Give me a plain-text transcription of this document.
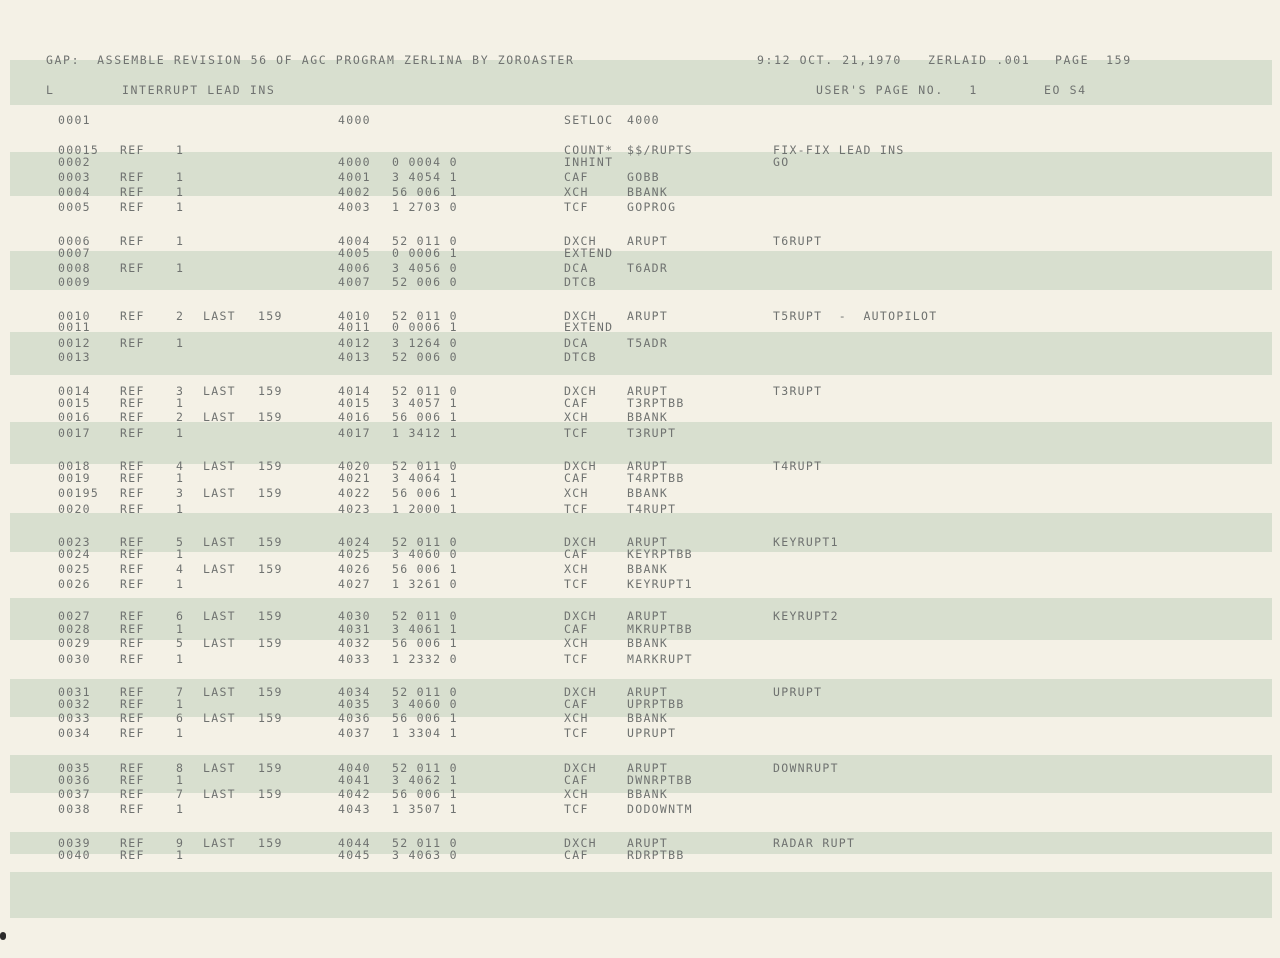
GAP:  ASSEMBLE REVISION 56 OF AGC PROGRAM ZERLINA BY ZOROASTER	9:12 OCT. 21,1970 ZERLAID .001 PAGE  159
L	INTERRUPT LEAD INS	USER'S PAGE NO.   1	EO S4
0001	4000	SETLOC 4000
00015 REF	1	COUNT* $$/RUPTS	FIX-FIX LEAD INS
0002	4000 0 0004 0	INHINT	GO
0003	REF	1	4001 3 4054 1	CAF	GOBB
0004	REF	1	4002 56 006 1	XCH	BBANK
0005	REF	1	4003 1 2703 0	TCF	GOPROG
0006	REF	1	4004 52 011 0	DXCH	ARUPT	T6RUPT
0007	4005 0 0006 1	EXTEND
0008	REF	1	4006 3 4056 0	DCA	T6ADR
0009	4007 52 006 0	DTCB
0010	REF	2 LAST 159	4010 52 011 0	DXCH	ARUPT	T5RUPT  -  AUTOPILOT
0011	4011 0 0006 1	EXTEND
0012	REF	1	4012 3 1264 0	DCA	T5ADR
0013	4013 52 006 0	DTCB
0014	REF	3 LAST 159	4014 52 011 0	DXCH	ARUPT	T3RUPT
0015	REF	1	4015 3 4057 1	CAF	T3RPTBB
0016	REF	2 LAST 159	4016 56 006 1	XCH	BBANK
0017	REF	1	4017 1 3412 1	TCF	T3RUPT
0018	REF	4 LAST 159	4020 52 011 0	DXCH	ARUPT	T4RUPT
0019	REF	1	4021 3 4064 1	CAF	T4RPTBB
00195 REF	3 LAST 159	4022 56 006 1	XCH	BBANK
0020	REF	1	4023 1 2000 1	TCF	T4RUPT
0023	REF	5 LAST 159	4024 52 011 0	DXCH	ARUPT	KEYRUPT1
0024	REF	1	4025 3 4060 0	CAF	KEYRPTBB
0025	REF	4 LAST 159	4026 56 006 1	XCH	BBANK
0026	REF	1	4027 1 3261 0	TCF	KEYRUPT1
0027	REF	6 LAST 159	4030 52 011 0	DXCH	ARUPT	KEYRUPT2
0028	REF	1	4031 3 4061 1	CAF	MKRUPTBB
0029	REF	5 LAST 159	4032 56 006 1	XCH	BBANK
0030	REF	1	4033 1 2332 0	TCF	MARKRUPT
0031	REF	7 LAST 159	4034 52 011 0	DXCH	ARUPT	UPRUPT
0032	REF	1	4035 3 4060 0	CAF	UPRPTBB
0033	REF	6 LAST 159	4036 56 006 1	XCH	BBANK
0034	REF	1	4037 1 3304 1	TCF	UPRUPT
0035	REF	8 LAST 159	4040 52 011 0	DXCH	ARUPT	DOWNRUPT
0036	REF	1	4041 3 4062 1	CAF	DWNRPTBB
0037	REF	7 LAST 159	4042 56 006 1	XCH	BBANK
0038	REF	1	4043 1 3507 1	TCF	DODOWNTM
0039	REF	9 LAST 159	4044 52 011 0	DXCH	ARUPT	RADAR RUPT
0040	REF	1	4045 3 4063 0	CAF	RDRPTBB
